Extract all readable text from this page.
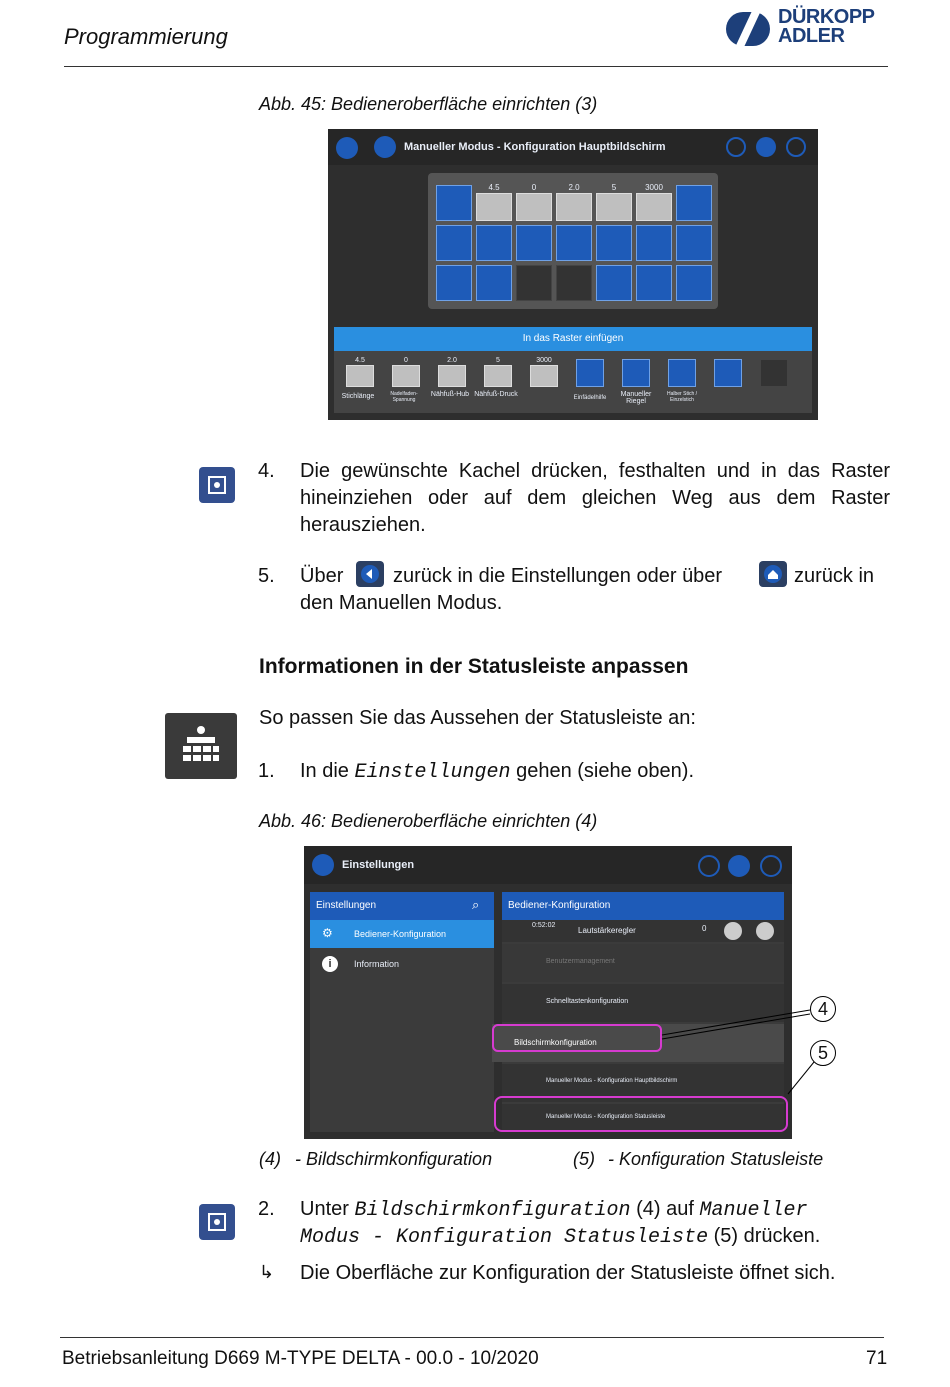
Programmierung
DÜRKOPP
ADLER
Abb. 45: Bedieneroberfläche einrichten (3)
Manueller Modus - Konfiguration Hauptbildschirm
4.5	0	2.0	5	3000
In das Raster einfügen
4.5	0	2.0	5	3000
Stichlänge	Nadelfaden-Spannung
Nähfuß-Hub Nähfuß-Druck	Einfädelhilfe	Manueller Riegel
Halber Stich / Einzelstich
4. Die gewünschte Kachel drücken, festhalten und in das Raster hineinziehen oder auf dem gleichen Weg aus dem Raster herausziehen.
5. Über zurück in die Einstellungen oder über	zurück in
den Manuellen Modus.
Informationen in der Statusleiste anpassen
So passen Sie das Aussehen der Statusleiste an:
1. In die Einstellungen gehen (siehe oben).
Abb. 46: Bedieneroberfläche einrichten (4)
Einstellungen
Einstellungen	⌕
⚙ Bediener-Konfiguration
i	Information
Bediener-Konfiguration
0:52:02
Lautstärkeregler	0
Benutzermanagement
Schnelltastenkonfiguration
Bildschirmkonfiguration
Manueller Modus - Konfiguration Hauptbildschirm
Manueller Modus - Konfiguration Statusleiste
4
5
(4) - Bildschirmkonfiguration	(5) - Konfiguration Statusleiste
2. Unter Bildschirmkonfiguration (4) auf Manueller
Modus - Konfiguration Statusleiste (5) drücken.
↳ Die Oberfläche zur Konfiguration der Statusleiste öffnet sich.
Betriebsanleitung D669 M-TYPE DELTA - 00.0 - 10/2020	71
